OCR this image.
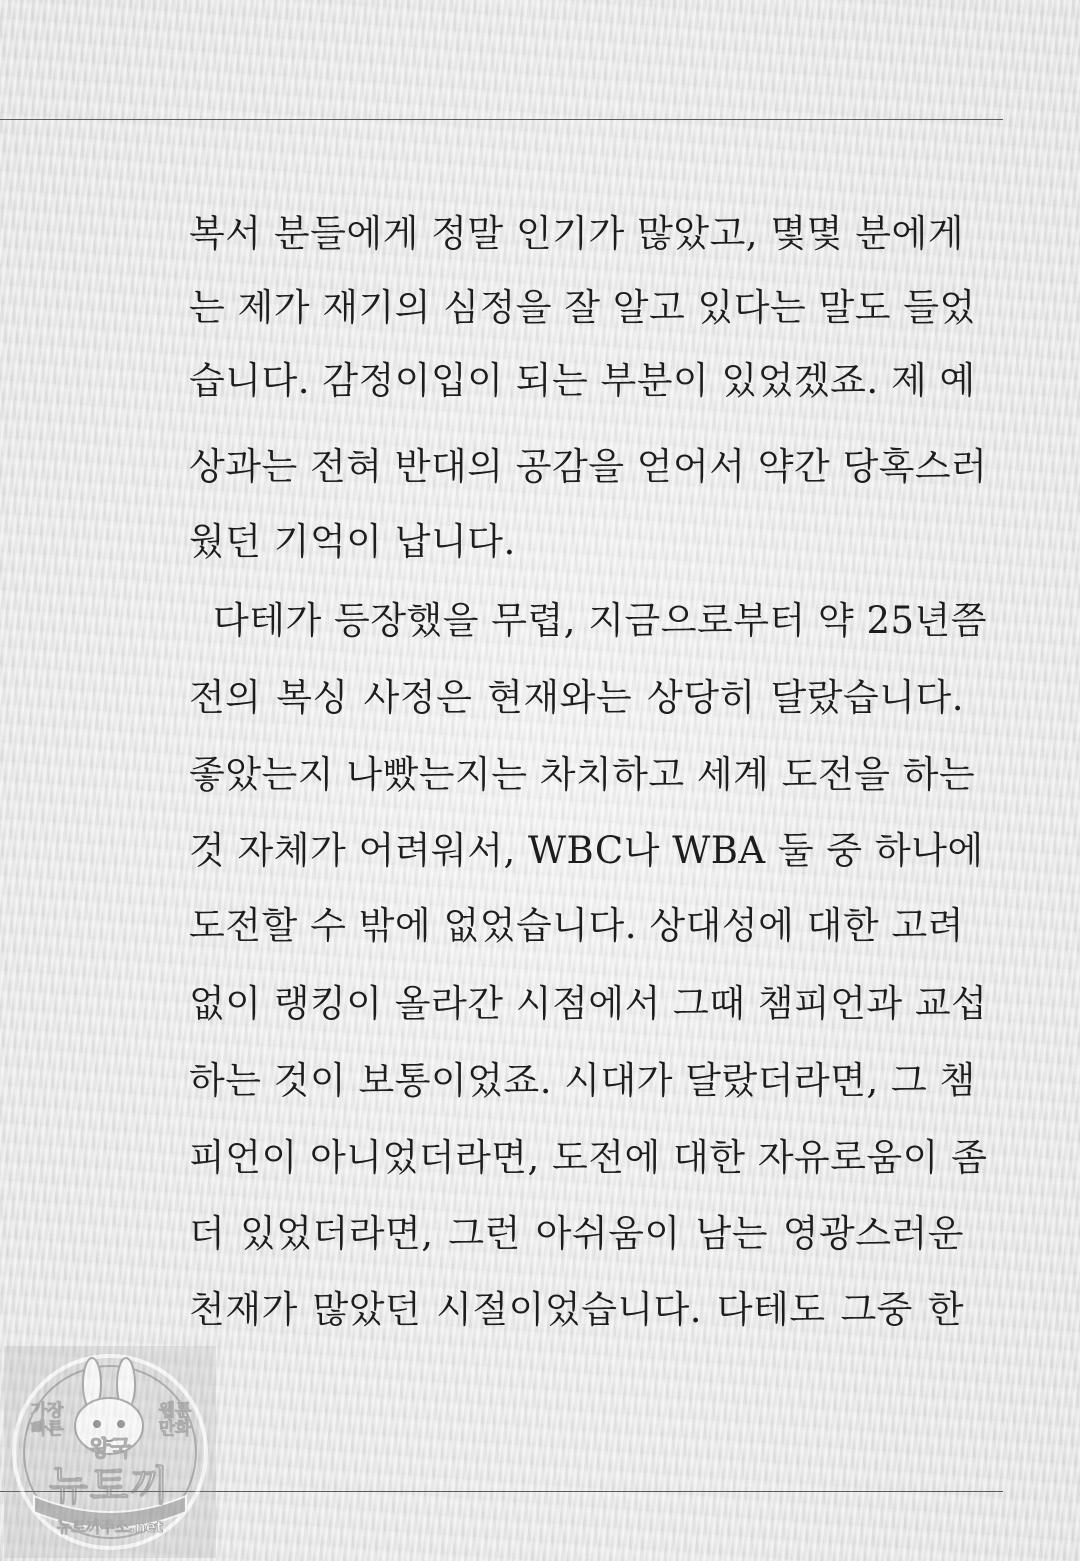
복서 분들에게 정말 인기가 많았고, 몇몇 분에게
는 제가 재기의 심정을 잘 알고 있다는 말도 들었
습니다. 감정이입이 되는 부분이 있었겠죠. 제 예
상과는 전혀 반대의 공감을 얻어서 약간 당혹스러
웠던 기억이 납니다.
다테가 등장했을 무렵, 지금으로부터 약 25년쯤
전의 복싱 사정은 현재와는 상당히 달랐습니다.
좋았는지 나빴는지는 차치하고 세계 도전을 하는
것 자체가 어려워서, WBC나 WBA 둘 중 하나에
도전할 수 밖에 없었습니다. 상대성에 대한 고려
없이 랭킹이 올라간 시점에서 그때 챔피언과 교섭
하는 것이 보통이었죠. 시대가 달랐더라면, 그 챔
피언이 아니었더라면, 도전에 대한 자유로움이 좀
더 있었더라면, 그런 아쉬움이 남는 영광스러운
천재가 많았던 시절이었습니다. 다테도 그중 한
가장 빠른
웹툰 만화
왕국
뉴토끼
뉴토끼주소.net
